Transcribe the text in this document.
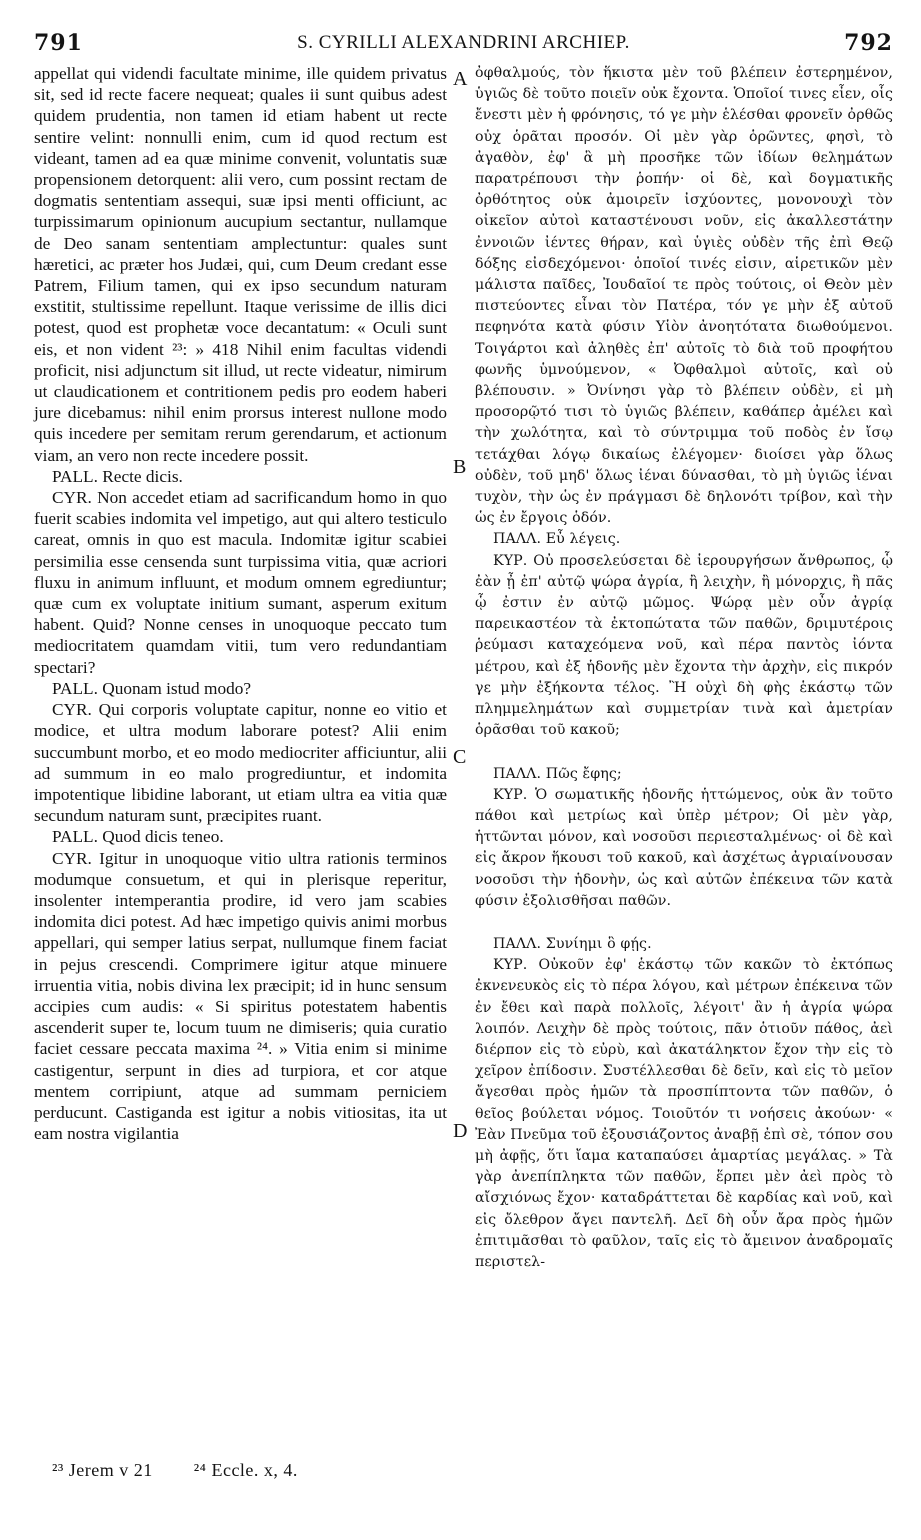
791	S. CYRILLI ALEXANDRINI ARCHIEP.	792

appellat qui videndi facultate minime, ille quidem privatus sit, sed id recte facere nequeat; quales ii sunt quibus adest quidem prudentia, non tamen id etiam habent ut recte sentire velint: nonnulli enim, cum id quod rectum est videant, tamen ad ea quæ minime convenit, voluntatis suæ propensionem detorquent: alii vero, cum possint rectam de dogmatis sententiam assequi, suæ ipsi menti officiunt, ac turpissimarum opinionum aucupium sectantur, nullamque de Deo sanam sententiam amplectuntur: quales sunt hæretici, ac præter hos Judæi, qui, cum Deum credant esse Patrem, Filium tamen, qui ex ipso secundum naturam exstitit, stultissime repellunt. Itaque verissime de illis dici potest, quod est prophetæ voce decantatum: « Oculi sunt eis, et non vident ²³: » 418 Nihil enim facultas videndi proficit, nisi adjunctum sit illud, ut recte videatur, nimirum ut claudicationem et contritionem pedis pro eodem haberi jure dicebamus: nihil enim prorsus interest nullone modo quis incedere per semitam rerum gerendarum, et actionum viam, an vero non recte incedere possit.

PALL. Recte dicis.

CYR. Non accedet etiam ad sacrificandum homo in quo fuerit scabies indomita vel impetigo, aut qui altero testiculo careat, omnis in quo est macula. Indomitæ igitur scabiei persimilia esse censenda sunt turpissima vitia, quæ acriori fluxu in animum influunt, et modum omnem egrediuntur; quæ cum ex voluptate initium sumant, asperum exitum habent. Quid? Nonne censes in unoquoque peccato tum mediocritatem quamdam vitii, tum vero redundantiam spectari?

PALL. Quonam istud modo?

CYR. Qui corporis voluptate capitur, nonne eo vitio et modice, et ultra modum laborare potest? Alii enim succumbunt morbo, et eo modo mediocriter afficiuntur, alii ad summum in eo malo progrediuntur, et indomita impotentique libidine laborant, ut etiam ultra ea vitia quæ secundum naturam sunt, præcipites ruant.

PALL. Quod dicis teneo.

CYR. Igitur in unoquoque vitio ultra rationis terminos modumque consuetum, et qui in plerisque reperitur, insolenter intemperantia prodire, id vero jam scabies indomita dici potest. Ad hæc impetigo quivis animi morbus appellari, qui semper latius serpat, nullumque finem faciat in pejus crescendi. Comprimere igitur atque minuere irruentia vitia, nobis divina lex præcipit; id in hunc sensum accipies cum audis: « Si spiritus potestatem habentis ascenderit super te, locum tuum ne dimiseris; quia curatio faciet cessare peccata maxima ²⁴. » Vitia enim si minime castigentur, serpunt in dies ad turpiora, et cor atque mentem corripiunt, atque ad summam perniciem perducunt. Castiganda est igitur a nobis vitiositas, ita ut eam nostra vigilantia

ὀφθαλμούς, τὸν ἥκιστα μὲν τοῦ βλέπειν ἐστερημένον, ὑγιῶς δὲ τοῦτο ποιεῖν οὐκ ἔχοντα. Ὁποῖοί τινες εἶεν, οἷς ἔνεστι μὲν ἡ φρόνησις, τό γε μὴν ἑλέσθαι φρονεῖν ὀρθῶς οὐχ ὁρᾶται προσόν. Οἱ μὲν γὰρ ὁρῶντες, φησὶ, τὸ ἀγαθὸν, ἐφ' ἃ μὴ προσῆκε τῶν ἰδίων θελημάτων παρατρέπουσι τὴν ῥοπήν· οἱ δὲ, καὶ δογματικῆς ὀρθότητος οὐκ ἀμοιρεῖν ἰσχύοντες, μονονουχὶ τὸν οἰκεῖον αὐτοὶ καταστένουσι νοῦν, εἰς ἀκαλλεστάτην ἐννοιῶν ἰέντες θήραν, καὶ ὑγιὲς οὐδὲν τῆς ἐπὶ Θεῷ δόξης εἰσδεχόμενοι· ὁποῖοί τινές εἰσιν, αἱρετικῶν μὲν μάλιστα παῖδες, Ἰουδαῖοί τε πρὸς τούτοις, οἱ Θεὸν μὲν πιστεύοντες εἶναι τὸν Πατέρα, τόν γε μὴν ἐξ αὐτοῦ πεφηνότα κατὰ φύσιν Υἱὸν ἀνοητότατα διωθούμενοι. Τοιγάρτοι καὶ ἀληθὲς ἐπ' αὐτοῖς τὸ διὰ τοῦ προφήτου φωνῆς ὑμνούμενον, « Ὀφθαλμοὶ αὐτοῖς, καὶ οὐ βλέπουσιν. » Ὀνίνησι γὰρ τὸ βλέπειν οὐδὲν, εἰ μὴ προσορῷτό τισι τὸ ὑγιῶς βλέπειν, καθάπερ ἀμέλει καὶ τὴν χωλότητα, καὶ τὸ σύντριμμα τοῦ ποδὸς ἐν ἴσῳ τετάχθαι λόγῳ δικαίως ἐλέγομεν· διοίσει γὰρ ὅλως οὐδὲν, τοῦ μηδ' ὅλως ἰέναι δύνασθαι, τὸ μὴ ὑγιῶς ἰέναι τυχὸν, τὴν ὡς ἐν πράγμασι δὲ δηλονότι τρίβον, καὶ τὴν ὡς ἐν ἔργοις ὁδόν.

ΠΑΛΛ. Εὖ λέγεις.

ΚΥΡ. Οὐ προσελεύσεται δὲ ἱερουργήσων ἄνθρωπος, ᾧ ἐὰν ᾖ ἐπ' αὐτῷ ψώρα ἀγρία, ἢ λειχὴν, ἢ μόνορχις, ἢ πᾶς ᾧ ἐστιν ἐν αὐτῷ μῶμος. Ψώρᾳ μὲν οὖν ἀγρίᾳ παρεικαστέον τὰ ἐκτοπώτατα τῶν παθῶν, δριμυτέροις ῥεύμασι καταχεόμενα νοῦ, καὶ πέρα παντὸς ἰόντα μέτρου, καὶ ἐξ ἡδονῆς μὲν ἔχοντα τὴν ἀρχὴν, εἰς πικρόν γε μὴν ἐξήκοντα τέλος. Ἢ οὐχὶ δὴ φὴς ἑκάστῳ τῶν πλημμελημάτων καὶ συμμετρίαν τινὰ καὶ ἀμετρίαν ὁρᾶσθαι τοῦ κακοῦ;

ΠΑΛΛ. Πῶς ἔφης;

ΚΥΡ. Ὁ σωματικῆς ἡδονῆς ἡττώμενος, οὐκ ἂν τοῦτο πάθοι καὶ μετρίως καὶ ὑπὲρ μέτρον; Οἱ μὲν γὰρ, ἡττῶνται μόνον, καὶ νοσοῦσι περιεσταλμένως· οἱ δὲ καὶ εἰς ἄκρον ἥκουσι τοῦ κακοῦ, καὶ ἀσχέτως ἀγριαίνουσαν νοσοῦσι τὴν ἡδονὴν, ὡς καὶ αὐτῶν ἐπέκεινα τῶν κατὰ φύσιν ἐξολισθῆσαι παθῶν.

ΠΑΛΛ. Συνίημι ὃ φῄς.

ΚΥΡ. Οὐκοῦν ἐφ' ἑκάστῳ τῶν κακῶν τὸ ἐκτόπως ἐκνενευκὸς εἰς τὸ πέρα λόγου, καὶ μέτρων ἐπέκεινα τῶν ἐν ἔθει καὶ παρὰ πολλοῖς, λέγοιτ' ἂν ἡ ἀγρία ψώρα λοιπόν. Λειχὴν δὲ πρὸς τούτοις, πᾶν ὁτιοῦν πάθος, ἀεὶ διέρπον εἰς τὸ εὐρὺ, καὶ ἀκατάληκτον ἔχον τὴν εἰς τὸ χεῖρον ἐπίδοσιν. Συστέλλεσθαι δὲ δεῖν, καὶ εἰς τὸ μεῖον ἄγεσθαι πρὸς ἡμῶν τὰ προσπίπτοντα τῶν παθῶν, ὁ θεῖος βούλεται νόμος. Τοιοῦτόν τι νοήσεις ἀκούων· « Ἐὰν Πνεῦμα τοῦ ἐξουσιάζοντος ἀναβῇ ἐπὶ σὲ, τόπον σου μὴ ἀφῇς, ὅτι ἴαμα καταπαύσει ἁμαρτίας μεγάλας. » Τὰ γὰρ ἀνεπίπληκτα τῶν παθῶν, ἕρπει μὲν ἀεὶ πρὸς τὸ αἴσχιόνως ἔχον· καταδράττεται δὲ καρδίας καὶ νοῦ, καὶ εἰς ὄλεθρον ἄγει παντελῆ. Δεῖ δὴ οὖν ἄρα πρὸς ἡμῶν ἐπιτιμᾶσθαι τὸ φαῦλον, ταῖς εἰς τὸ ἄμεινον ἀναδρομαῖς περιστελ-

A
B
C
D
²³ Jerem v 21 ²⁴ Eccle. x, 4.
